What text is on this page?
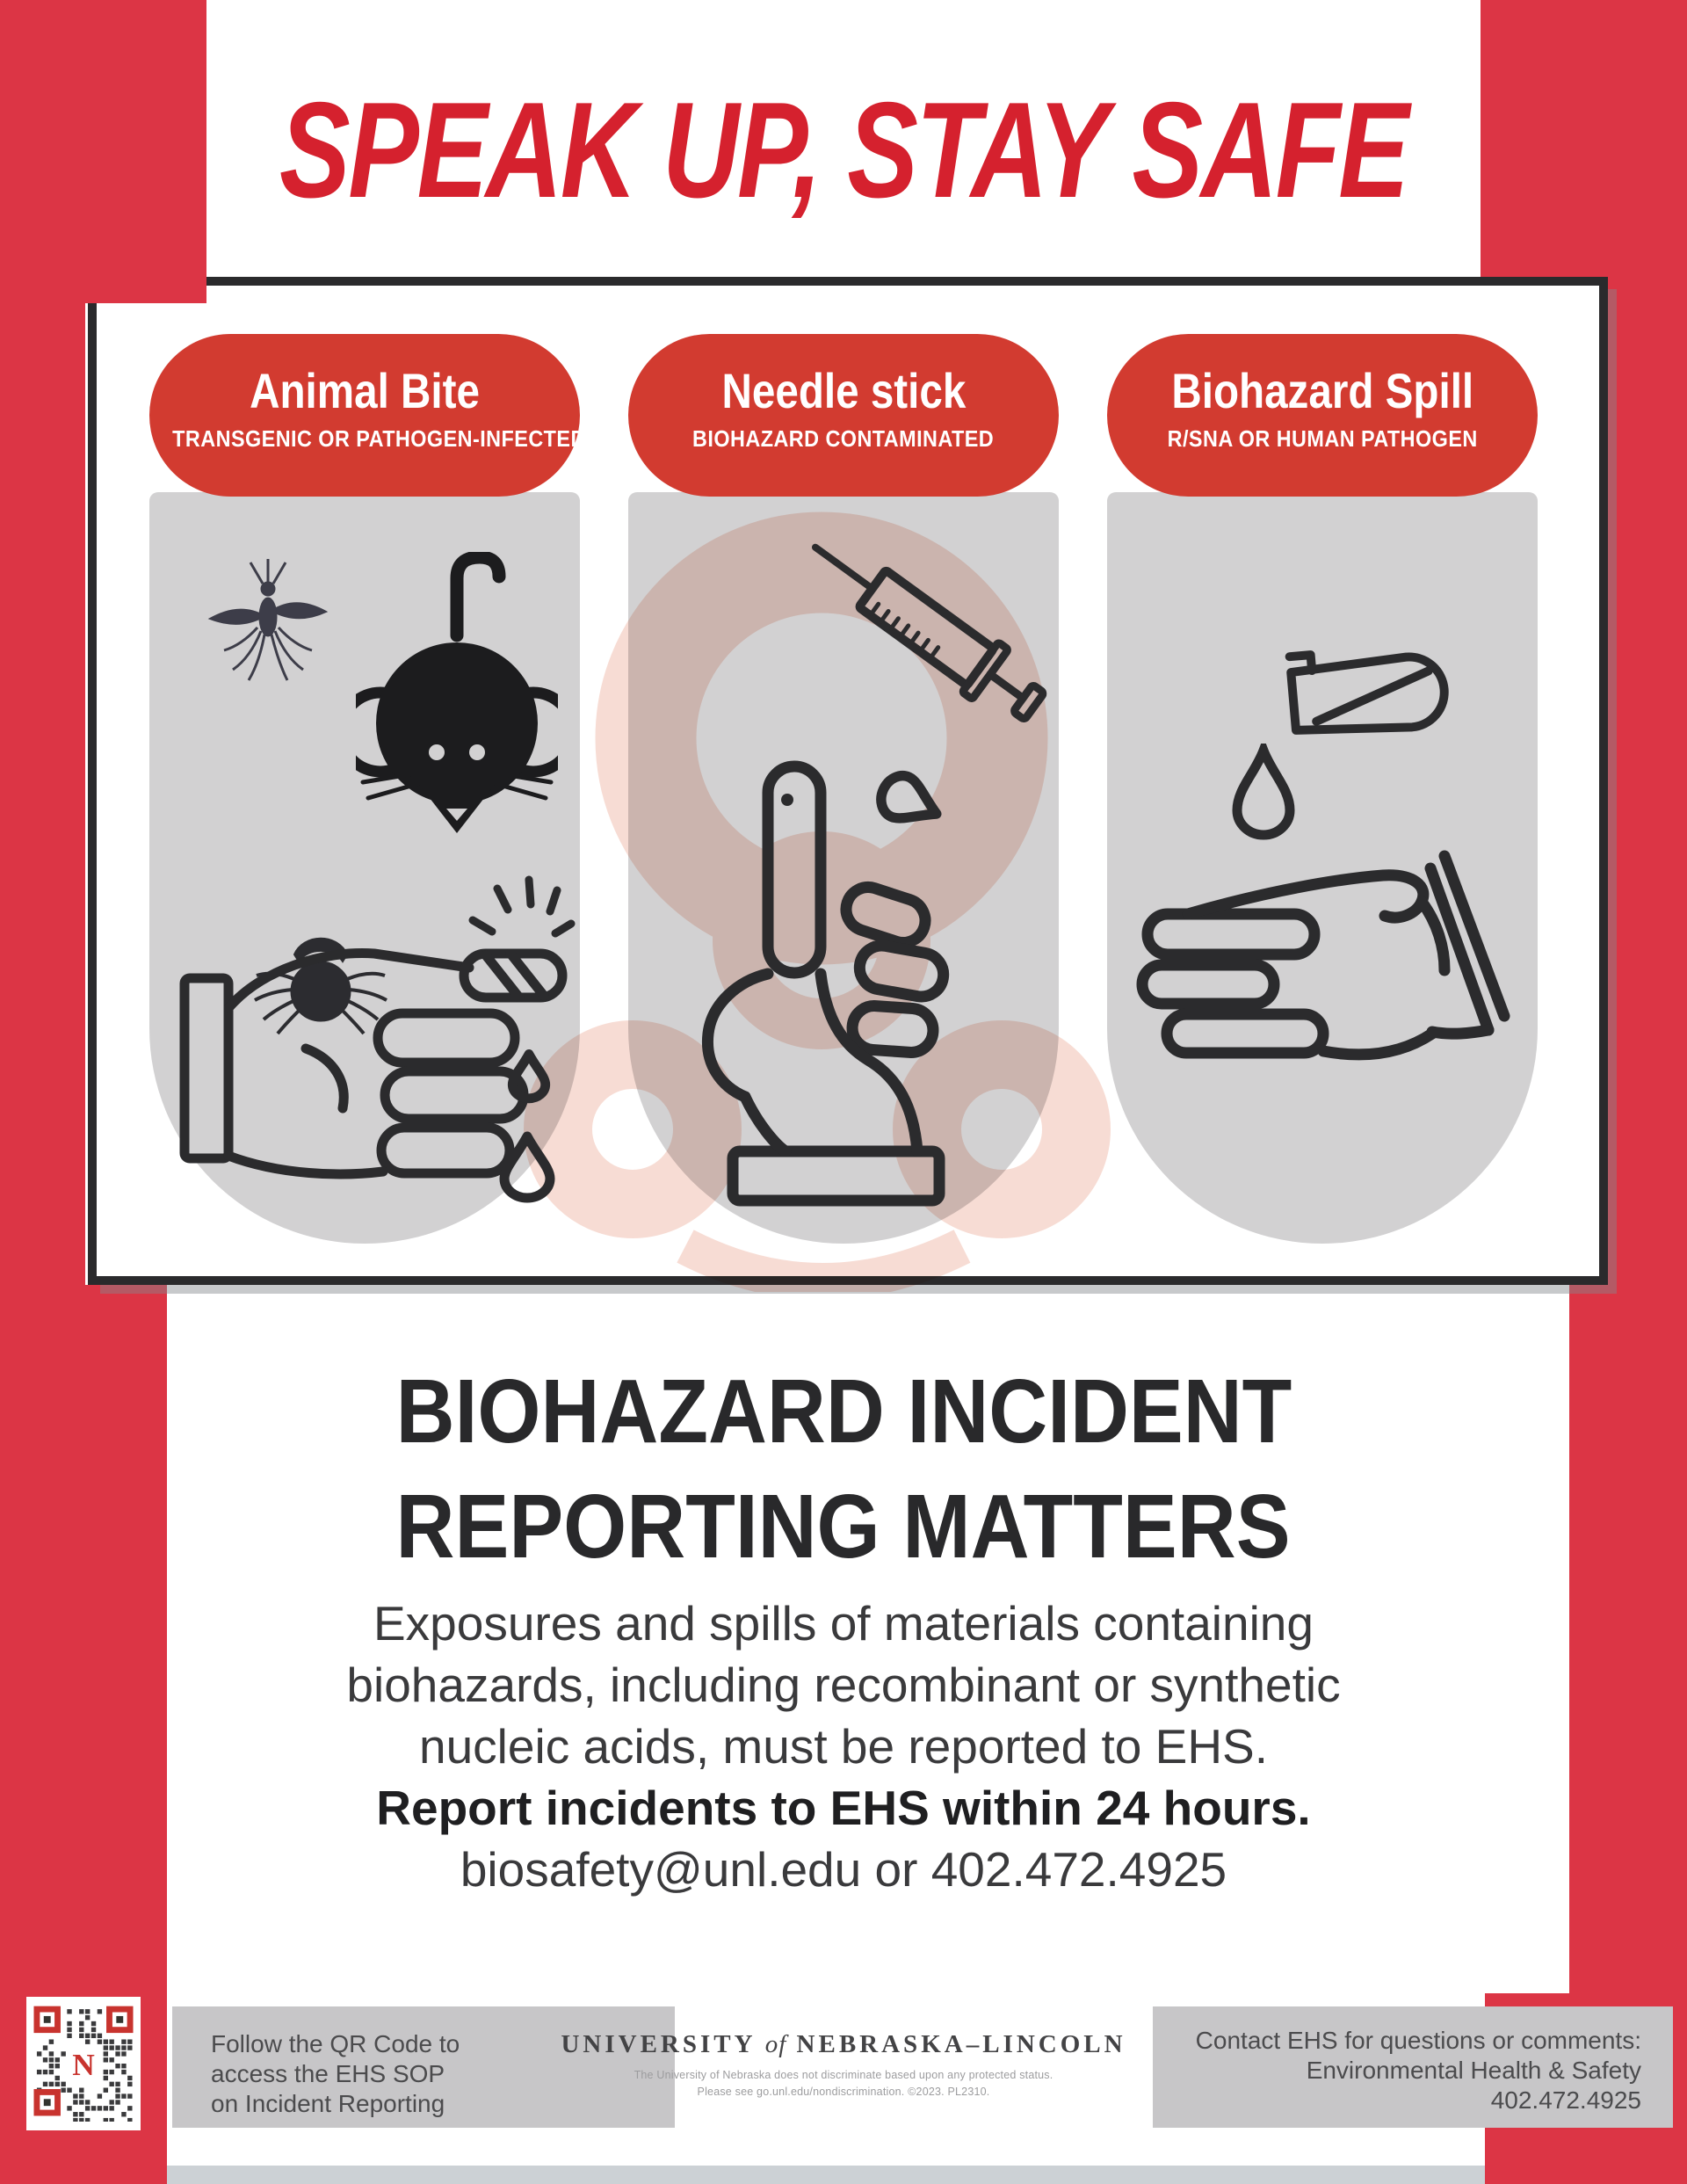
SPEAK UP, STAY SAFE
Animal Bite
TRANSGENIC OR PATHOGEN-INFECTED
Needle stick
BIOHAZARD CONTAMINATED
Biohazard Spill
R/SNA OR HUMAN PATHOGEN
BIOHAZARD INCIDENT
REPORTING MATTERS
Exposures and spills of materials containing
biohazards, including recombinant or synthetic
nucleic acids, must be reported to EHS.
Report incidents to EHS within 24 hours.
biosafety@unl.edu or 402.472.4925
N
Follow the QR Code to
access the EHS SOP
on Incident Reporting
UNIVERSITY of NEBRASKA–LINCOLN
The University of Nebraska does not discriminate based upon any protected status.
Please see go.unl.edu/nondiscrimination. ©2023. PL2310.
Contact EHS for questions or comments:
Environmental Health & Safety
402.472.4925
